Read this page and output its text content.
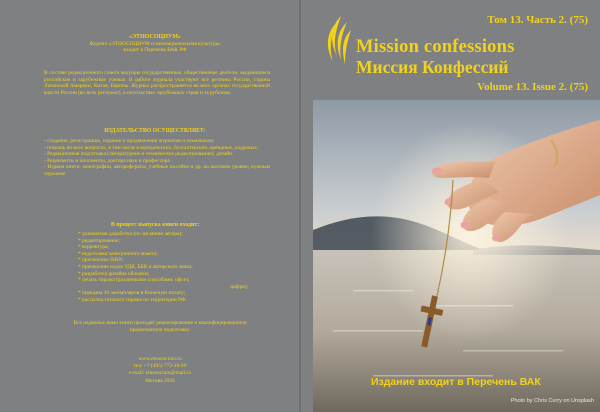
«ЭТНОСОЦИУМ»
Журнал «ЭТНОСОЦИУМ и межнациональная культура»
входит в Перечень ВАК РФ
В составе редакционного совета ведущие государственные, общественные деятели, выдающиеся российские и зарубежные ученые. В работе журнала участвуют все регионы России, страны Латинской Америки, Китая, Европы. Журнал распространяется во всех органах государственной власти России (во всех регионах), в посольствах зарубежных стран и за рубежом.
ИЗДАТЕЛЬСТВО ОСУЩЕСТВЛЯЕТ:
- создание, регистрацию, издание и продвижение журналов и альманахов;
- помощь во всех вопросах, в том числе в юридических, бухгалтерских, арендных, кадровых.
- Редакционная подготовка (литературное и техническое редактирование), дизайн.
- Рецензенты и оппоненты, доктора наук и профессора.
- Издаем книги, монографии, авторефераты, учебные пособия и др. на высоком уровне; нужным тиражом!
В процесс выпуска книги входит:
* доначатная доработка (по желанию автора);
* редактирование;
* корректура;
* подготовка электронного макета;
* присвоение ISBN;
* присвоение кодов УДК, ББК и авторского знака;
* разработка дизайна обложки;
* печать тиража (различными способами: офсет,
цифра);
* передача 16 экземпляров в Книжную палату;
* рассылка готового тиража по территории РФ.
Все изданные нами книги проходят рецензирование и квалифицированную предпечатную подготовку.
www.etnosocium.ru
тел: +7 (495) 772-19-99
e-mail: etnosocium@mail.ru
Москва 2024
Том 13. Часть 2. (75)
Mission confessions
Миссия Конфессий
Volume 13. Issue 2. (75)
Издание входит в Перечень ВАК
Photo by Chris Curry on Unsplash
